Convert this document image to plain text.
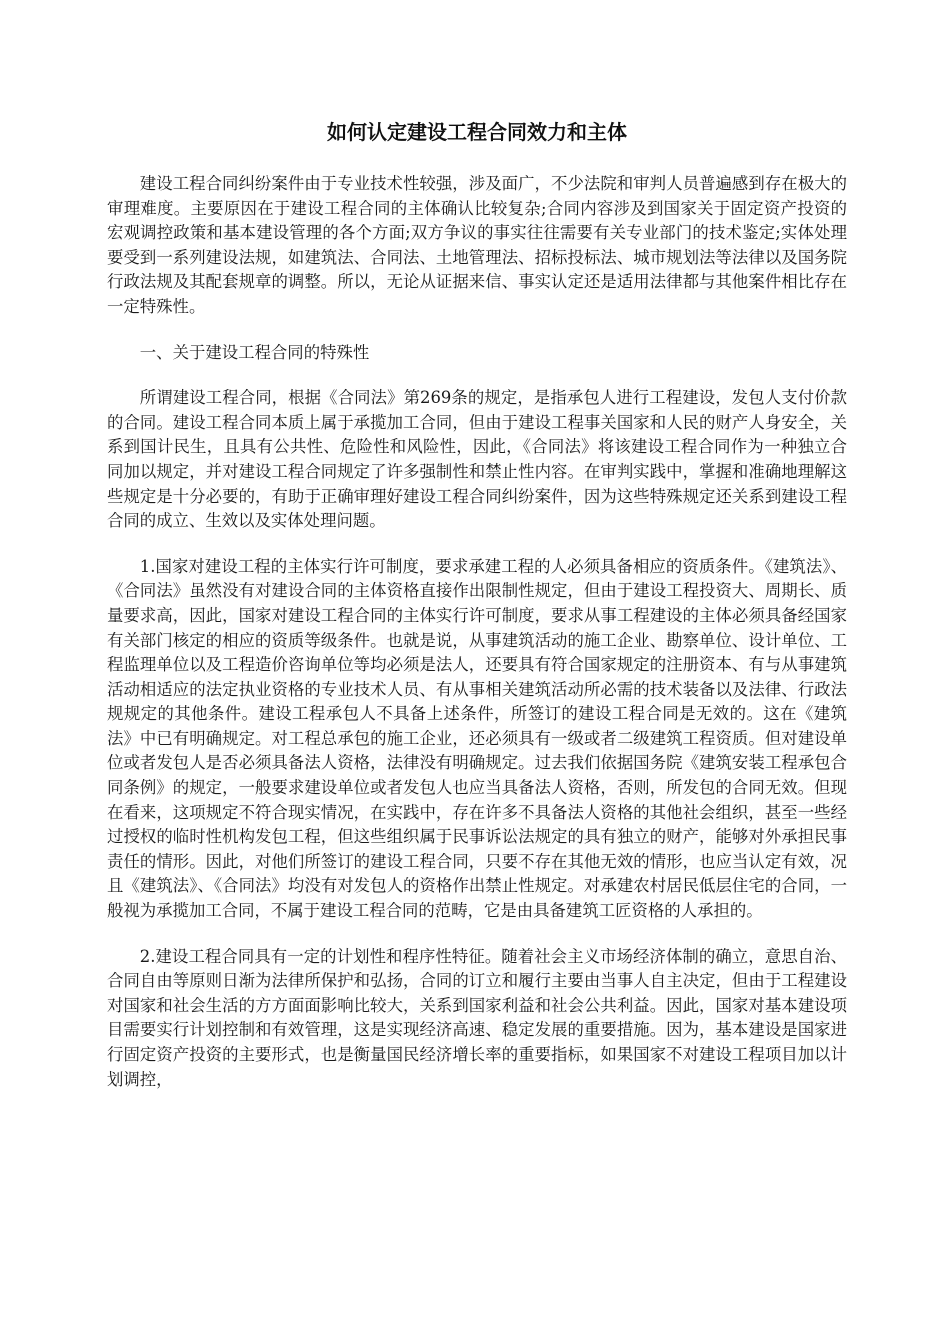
如何认定建设工程合同效力和主体

建设工程合同纠纷案件由于专业技术性较强，涉及面广，不少法院和审判人员普遍感到存在极大的审理难度。主要原因在于建设工程合同的主体确认比较复杂;合同内容涉及到国家关于固定资产投资的宏观调控政策和基本建设管理的各个方面;双方争议的事实往往需要有关专业部门的技术鉴定;实体处理要受到一系列建设法规，如建筑法、合同法、土地管理法、招标投标法、城市规划法等法律以及国务院行政法规及其配套规章的调整。所以，无论从证据来信、事实认定还是适用法律都与其他案件相比存在一定特殊性。

一、关于建设工程合同的特殊性

所谓建设工程合同，根据《合同法》第269条的规定，是指承包人进行工程建设，发包人支付价款的合同。建设工程合同本质上属于承揽加工合同，但由于建设工程事关国家和人民的财产人身安全，关系到国计民生，且具有公共性、危险性和风险性，因此，《合同法》将该建设工程合同作为一种独立合同加以规定，并对建设工程合同规定了许多强制性和禁止性内容。在审判实践中，掌握和准确地理解这些规定是十分必要的，有助于正确审理好建设工程合同纠纷案件，因为这些特殊规定还关系到建设工程合同的成立、生效以及实体处理问题。

1.国家对建设工程的主体实行许可制度，要求承建工程的人必须具备相应的资质条件。《建筑法》、《合同法》虽然没有对建设合同的主体资格直接作出限制性规定，但由于建设工程投资大、周期长、质量要求高，因此，国家对建设工程合同的主体实行许可制度，要求从事工程建设的主体必须具备经国家有关部门核定的相应的资质等级条件。也就是说，从事建筑活动的施工企业、勘察单位、设计单位、工程监理单位以及工程造价咨询单位等均必须是法人，还要具有符合国家规定的注册资本、有与从事建筑活动相适应的法定执业资格的专业技术人员、有从事相关建筑活动所必需的技术装备以及法律、行政法规规定的其他条件。建设工程承包人不具备上述条件，所签订的建设工程合同是无效的。这在《建筑法》中已有明确规定。对工程总承包的施工企业，还必须具有一级或者二级建筑工程资质。但对建设单位或者发包人是否必须具备法人资格，法律没有明确规定。过去我们依据国务院《建筑安装工程承包合同条例》的规定，一般要求建设单位或者发包人也应当具备法人资格，否则，所发包的合同无效。但现在看来，这项规定不符合现实情况，在实践中，存在许多不具备法人资格的其他社会组织，甚至一些经过授权的临时性机构发包工程，但这些组织属于民事诉讼法规定的具有独立的财产，能够对外承担民事责任的情形。因此，对他们所签订的建设工程合同，只要不存在其他无效的情形，也应当认定有效，况且《建筑法》、《合同法》均没有对发包人的资格作出禁止性规定。对承建农村居民低层住宅的合同，一般视为承揽加工合同，不属于建设工程合同的范畴，它是由具备建筑工匠资格的人承担的。

2.建设工程合同具有一定的计划性和程序性特征。随着社会主义市场经济体制的确立，意思自治、合同自由等原则日渐为法律所保护和弘扬，合同的订立和履行主要由当事人自主决定，但由于工程建设对国家和社会生活的方方面面影响比较大，关系到国家利益和社会公共利益。因此，国家对基本建设项目需要实行计划控制和有效管理，这是实现经济高速、稳定发展的重要措施。因为，基本建设是国家进行固定资产投资的主要形式，也是衡量国民经济增长率的重要指标，如果国家不对建设工程项目加以计划调控，
